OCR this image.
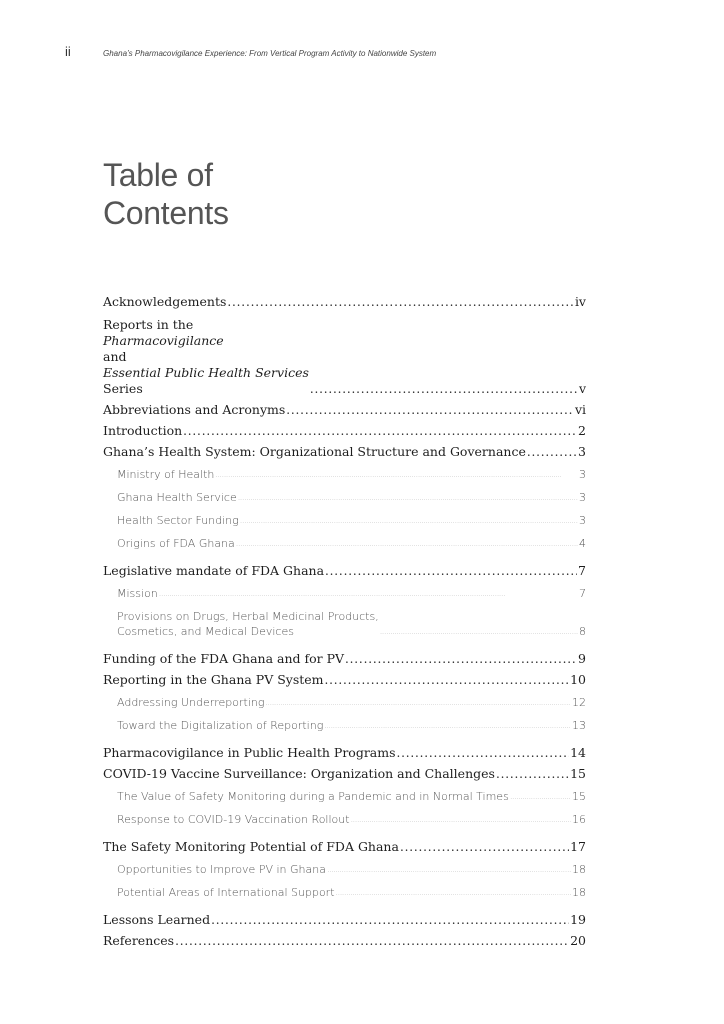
ii	Ghana’s Pharmacovigilance Experience: From Vertical Program Activity to Nationwide System
Table of
Contents
Acknowledgements . . .	iv
Reports in the
Pharmacovigilance
and
Essential Public Health Services
Series . . .	v
Abbreviations and Acronyms . . .	vi
Introduction . . .	2
Ghana’s Health System: Organizational Structure and Governance . . .	3
Ministry of Health . . .	3
Ghana Health Service . . .	3
Health Sector Funding . . .	3
Origins of FDA Ghana . . .	4
Legislative mandate of FDA Ghana . . .	7
Mission . . .	7
Provisions on Drugs, Herbal Medicinal Products,
Cosmetics, and Medical Devices . . .	8
Funding of the FDA Ghana and for PV . . .	9
Reporting in the Ghana PV System . . .	10
Addressing Underreporting . . .	12
Toward the Digitalization of Reporting . . .	13
Pharmacovigilance in Public Health Programs . . .	14
COVID-19 Vaccine Surveillance: Organization and Challenges . . .	15
The Value of Safety Monitoring during a Pandemic and in Normal Times . . .	15
Response to COVID-19 Vaccination Rollout . . .	16
The Safety Monitoring Potential of FDA Ghana . . .	17
Opportunities to Improve PV in Ghana . . .	18
Potential Areas of International Support . . .	18
Lessons Learned . . .	19
References . . .	20
